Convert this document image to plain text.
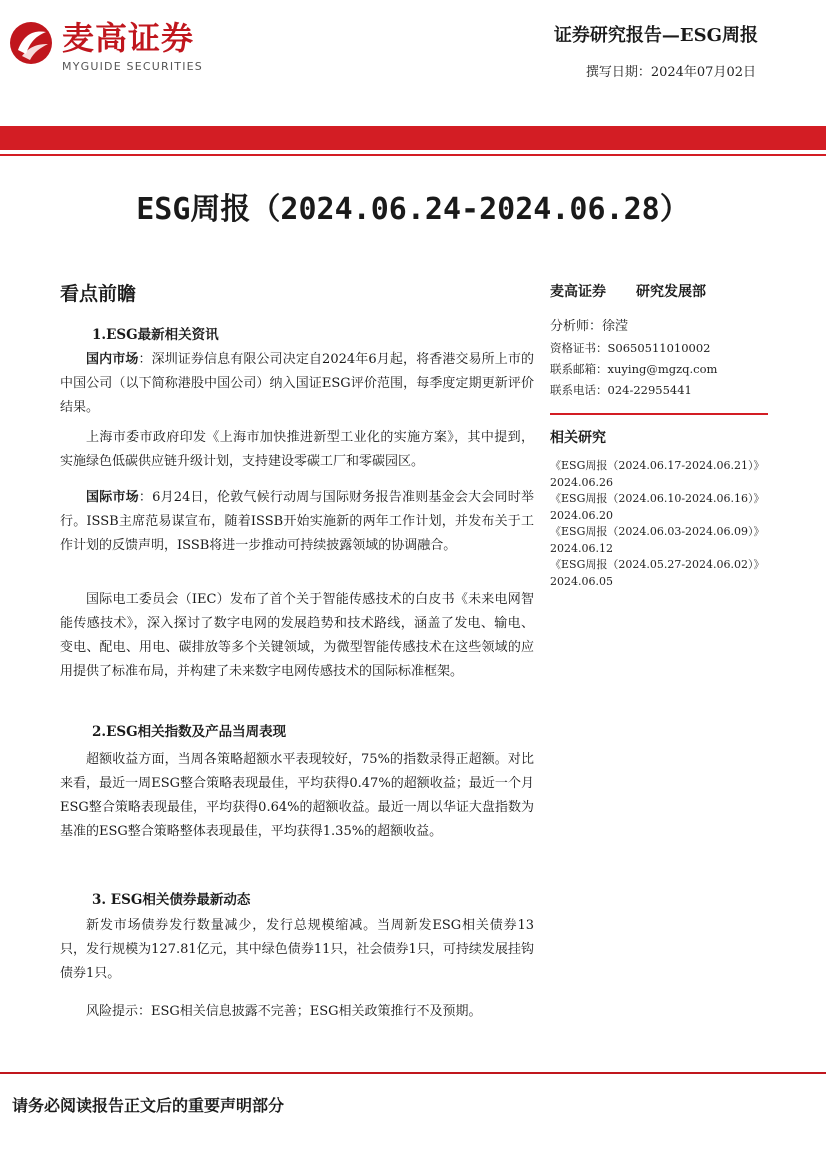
麦高证券
MYGUIDE SECURITIES
证券研究报告—ESG周报
撰写日期：2024年07月02日
ESG周报（2024.06.24-2024.06.28）
看点前瞻
1.ESG最新相关资讯
国内市场：深圳证券信息有限公司决定自2024年6月起，将香港交易所上市的中国公司（以下简称港股中国公司）纳入国证ESG评价范围，每季度定期更新评价结果。
上海市委市政府印发《上海市加快推进新型工业化的实施方案》，其中提到，实施绿色低碳供应链升级计划，支持建设零碳工厂和零碳园区。
国际市场：6月24日，伦敦气候行动周与国际财务报告准则基金会大会同时举行。ISSB主席范易谋宣布，随着ISSB开始实施新的两年工作计划，并发布关于工作计划的反馈声明，ISSB将进一步推动可持续披露领域的协调融合。
国际电工委员会（IEC）发布了首个关于智能传感技术的白皮书《未来电网智能传感技术》，深入探讨了数字电网的发展趋势和技术路线，涵盖了发电、输电、变电、配电、用电、碳排放等多个关键领域，为微型智能传感技术在这些领域的应用提供了标准布局，并构建了未来数字电网传感技术的国际标准框架。
2.ESG相关指数及产品当周表现
超额收益方面，当周各策略超额水平表现较好，75%的指数录得正超额。对比来看，最近一周ESG整合策略表现最佳，平均获得0.47%的超额收益；最近一个月ESG整合策略表现最佳，平均获得0.64%的超额收益。最近一周以华证大盘指数为基准的ESG整合策略整体表现最佳，平均获得1.35%的超额收益。
3. ESG相关债券最新动态
新发市场债券发行数量减少，发行总规模缩减。当周新发ESG相关债券13只，发行规模为127.81亿元，其中绿色债券11只，社会债券1只，可持续发展挂钩债券1只。
风险提示：ESG相关信息披露不完善；ESG相关政策推行不及预期。
麦高证券 研究发展部
分析师：徐滢
资格证书：S0650511010002
联系邮箱：xuying@mgzq.com
联系电话：024-22955441
相关研究

《ESG周报（2024.06.17-2024.06.21）》2024.06.26

《ESG周报（2024.06.10-2024.06.16）》2024.06.20

《ESG周报（2024.06.03-2024.06.09）》2024.06.12

《ESG周报（2024.05.27-2024.06.02）》2024.06.05

请务必阅读报告正文后的重要声明部分
